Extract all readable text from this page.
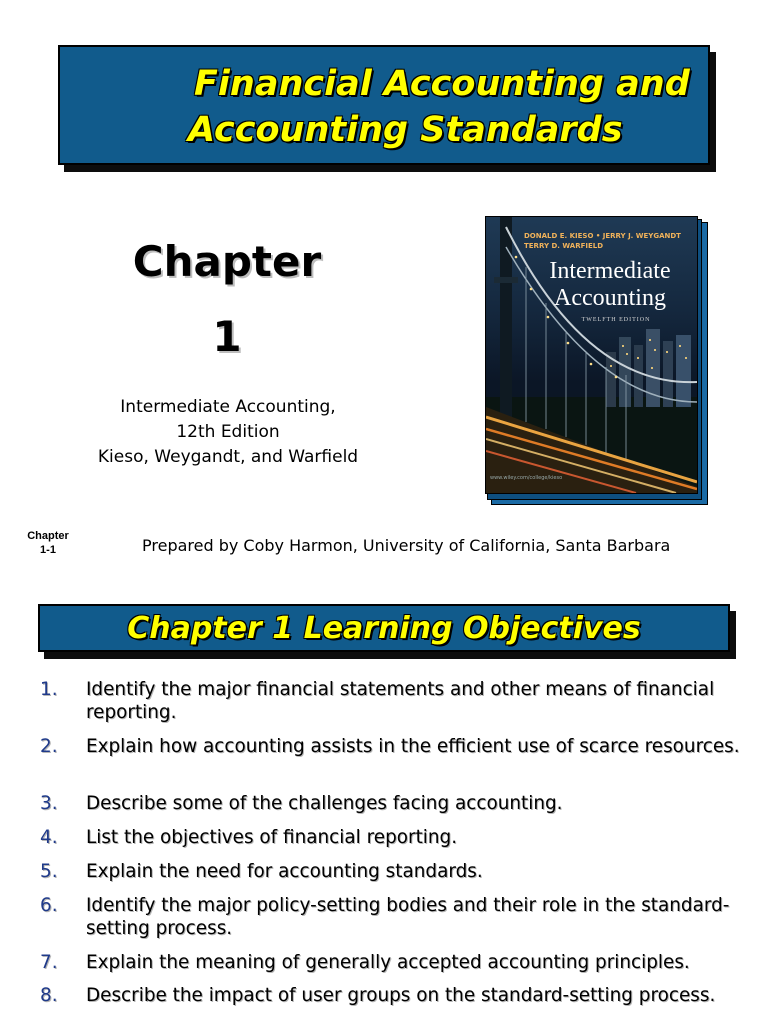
Financial Accounting and
Accounting Standards
Chapter
1
Intermediate Accounting,
12th Edition
Kieso, Weygandt, and Warfield
DONALD E. KIESO • JERRY J. WEYGANDT
TERRY D. WARFIELD
Intermediate
Accounting
TWELFTH EDITION
www.wiley.com/college/kieso
Chapter
1-1	Prepared by Coby Harmon, University of California, Santa Barbara
Chapter 1 Learning Objectives
1. Identify the major financial statements and other means of financial reporting.
2. Explain how accounting assists in the efficient use of scarce resources.
3. Describe some of the challenges facing accounting.
4. List the objectives of financial reporting.
5. Explain the need for accounting standards.
6. Identify the major policy-setting bodies and their role in the standard-setting process.
7. Explain the meaning of generally accepted accounting principles.
8. Describe the impact of user groups on the standard-setting process.
